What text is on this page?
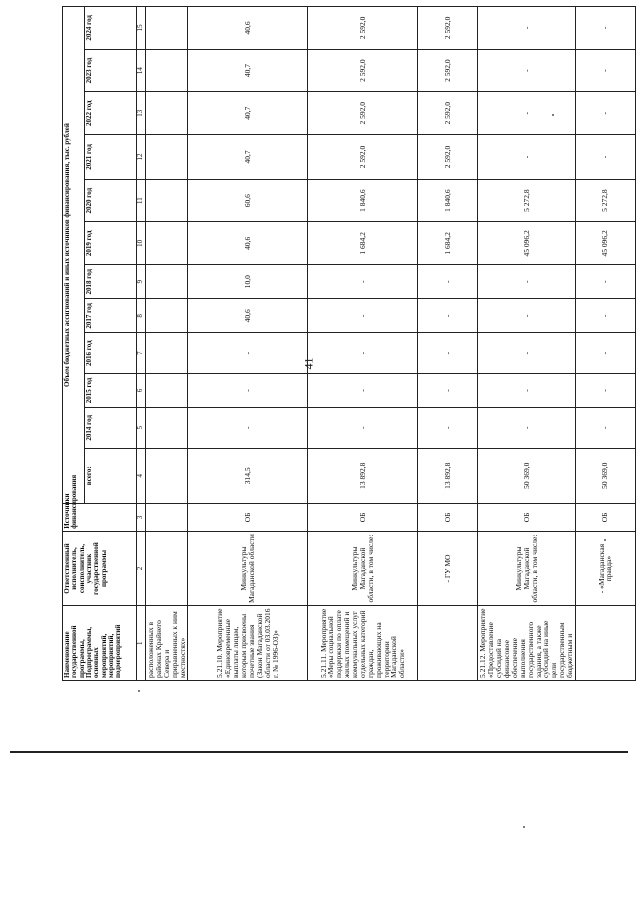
41
Наименование государственной программы, Подпрограммы, основных мероприятий, мероприятий, подмероприятий	Ответственный исполнитель, соисполнитель, участник государственной программы	Источники финансирования	Объем бюджетных ассигнований и иных источников финансирования, тыс. рублей											
			всего:	2014 год	2015 год	2016 год	2017 год	2018 год	2019 год	2020 год	2021 год	2022 год	2023 год	2024 год
1	2	3	4	5	6	7	8	9	10	11	12	13	14	15
расположенных в районах Крайнего Севера и приравненных к ним местностях»														
5.21.10. Мероприятие «Единовременные выплаты лицам, которым присвоены почетные звания (Закон Магаданской области от 03.03.2016 г. № 1996-ОЗ)»	Минкультуры Магаданской области	ОБ	314,5	-	-	-	40,6	10,0	40,6	60,6	40,7	40,7	40,7	40,6
5.21.11. Мероприятие «Меры социальной поддержки по оплате жилых помещений и коммунальных услуг отдельных категорий граждан, проживающих на территории Магаданской области»	Минкультуры Магаданской области, в том числе:	ОБ	13 892,8	-	-	-	-	-	1 684,2	1 840,6	2 592,0	2 592,0	2 592,0	2 592,0
	- ГУ МО	ОБ	13 892,8	-	-	-	-	-	1 684,2	1 840,6	2 592,0	2 592,0	2 592,0	2 592,0
5.21.12. Мероприятие «Предоставление субсидий на финансовое обеспечение выполнения государственного задания, а также субсидий на иные цели государственным бюджетным и	Минкультуры Магаданской области, в том числе:	ОБ	50 369,0	-	-	-	-	-	45 096,2	5 272,8	-	-	-	-
	- «Магаданская правда»	ОБ	50 369,0	-	-	-	-	-	45 096,2	5 272,8	-	-	-	-
